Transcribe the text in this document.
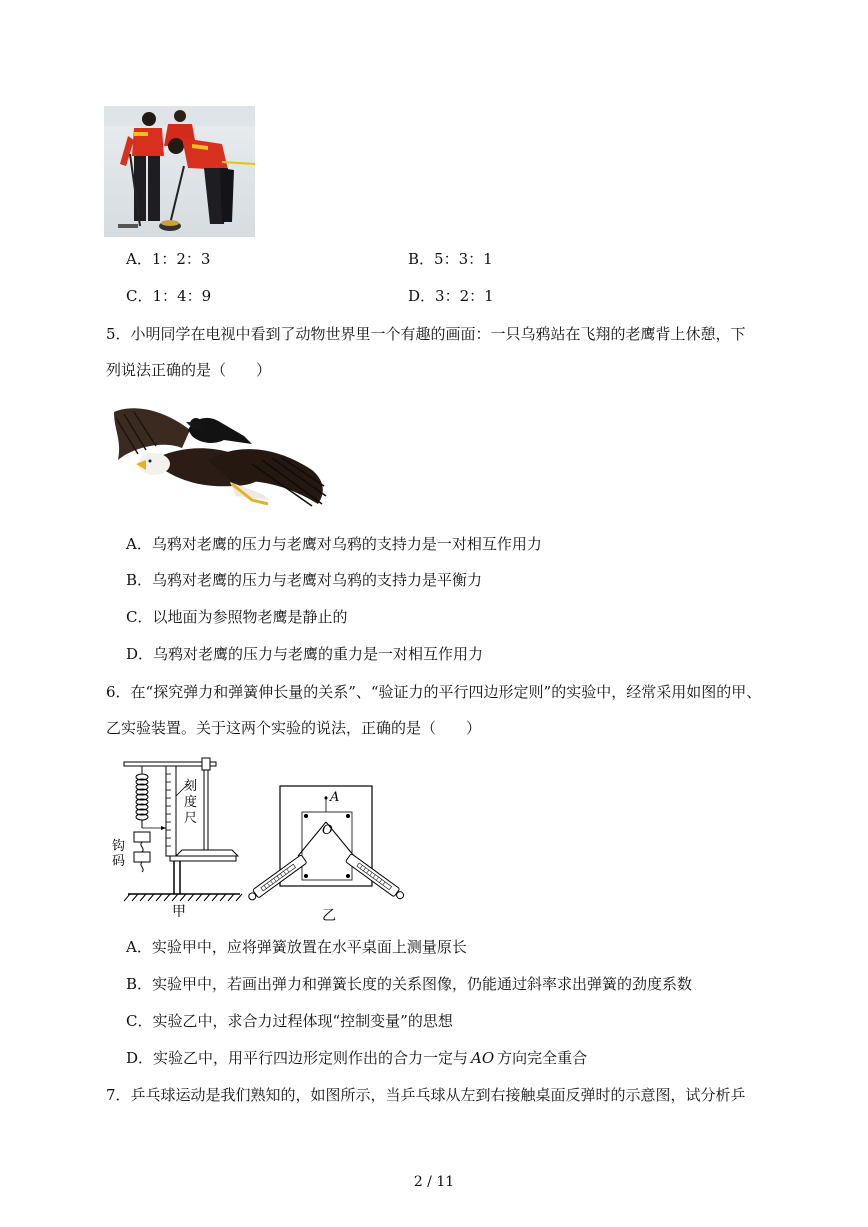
A．1：2：3	B．5：3：1
C．1：4：9	D．3：2：1
5．小明同学在电视中看到了动物世界里一个有趣的画面：一只乌鸦站在飞翔的老鹰背上休憩，下
列说法正确的是（　　）
A．乌鸦对老鹰的压力与老鹰对乌鸦的支持力是一对相互作用力
B．乌鸦对老鹰的压力与老鹰对乌鸦的支持力是平衡力
C．以地面为参照物老鹰是静止的
D．乌鸦对老鹰的压力与老鹰的重力是一对相互作用力
6．在“探究弹力和弹簧伸长量的关系”、“验证力的平行四边形定则”的实验中，经常采用如图的甲、
乙实验装置。关于这两个实验的说法，正确的是（　　）
刻
度
尺
钩
码
甲
A
O
乙
A．实验甲中，应将弹簧放置在水平桌面上测量原长
B．实验甲中，若画出弹力和弹簧长度的关系图像，仍能通过斜率求出弹簧的劲度系数
C．实验乙中，求合力过程体现“控制变量”的思想
D．实验乙中，用平行四边形定则作出的合力一定与 AO 方向完全重合
7．乒乓球运动是我们熟知的，如图所示，当乒乓球从左到右接触桌面反弹时的示意图，试分析乒
2 / 11
